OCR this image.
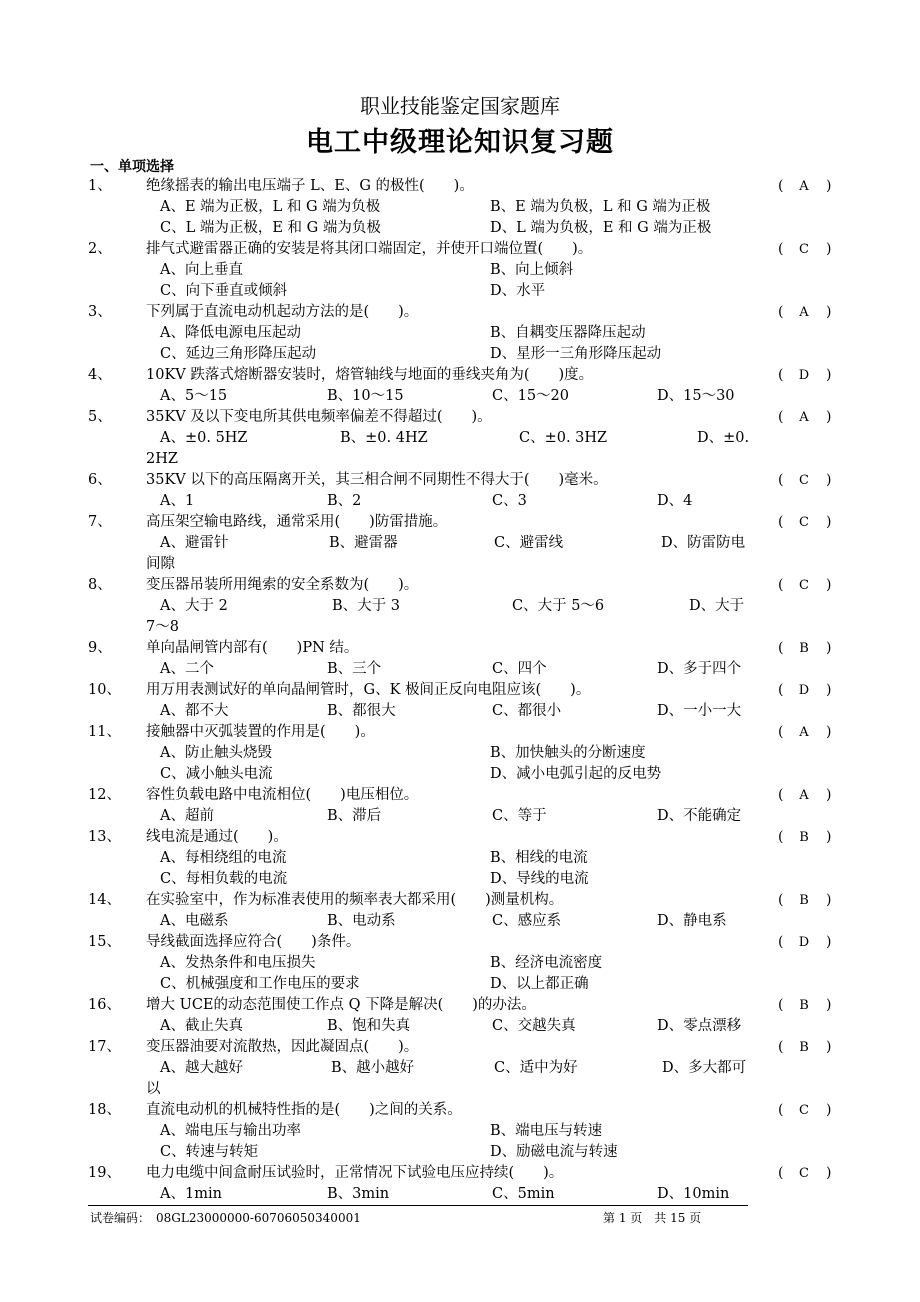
职业技能鉴定国家题库
电工中级理论知识复习题
一、单项选择
1、 绝缘摇表的输出电压端子 L、E、G 的极性(　　)。	( A )
A、E 端为正极，L 和 G 端为负极	B、E 端为负极，L 和 G 端为正极
C、L 端为正极，E 和 G 端为负极	D、L 端为负极，E 和 G 端为正极
2、 排气式避雷器正确的安装是将其闭口端固定，并使开口端位置(　　)。	( C )
A、向上垂直	B、向上倾斜
C、向下垂直或倾斜	D、水平
3、 下列属于直流电动机起动方法的是(　　)。	( A )
A、降低电源电压起动	B、自耦变压器降压起动
C、延边三角形降压起动	D、星形一三角形降压起动
4、 10KV 跌落式熔断器安装时，熔管轴线与地面的垂线夹角为(　　)度。	( D )
A、5～15	B、10～15	C、15～20	D、15～30
5、 35KV 及以下变电所其供电频率偏差不得超过(　　)。	( A )
A、±0. 5HZ	B、±0. 4HZ	C、±0. 3HZ	D、±0.
2HZ
6、 35KV 以下的高压隔离开关，其三相合闸不同期性不得大于(　　)毫米。	( C )
A、1	B、2	C、3	D、4
7、 高压架空输电路线，通常采用(　　)防雷措施。	( C )
A、避雷针	B、避雷器	C、避雷线	D、防雷防电
间隙
8、 变压器吊装所用绳索的安全系数为(　　)。	( C )
A、大于 2	B、大于 3	C、大于 5～6	D、大于
7～8
9、 单向晶闸管内部有(　　)PN 结。	( B )
A、二个	B、三个	C、四个	D、多于四个
10、 用万用表测试好的单向晶闸管时，G、K 极间正反向电阻应该(　　)。	( D )
A、都不大	B、都很大	C、都很小	D、一小一大
11、 接触器中灭弧装置的作用是(　　)。	( A )
A、防止触头烧毁	B、加快触头的分断速度
C、减小触头电流	D、减小电弧引起的反电势
12、 容性负载电路中电流相位(　　)电压相位。	( A )
A、超前	B、滞后	C、等于	D、不能确定
13、 线电流是通过(　　)。	( B )
A、每相绕组的电流	B、相线的电流
C、每相负载的电流	D、导线的电流
14、 在实验室中，作为标准表使用的频率表大都采用(　　)测量机构。	( B )
A、电磁系	B、电动系	C、感应系	D、静电系
15、 导线截面选择应符合(　　)条件。	( D )
A、发热条件和电压损失	B、经济电流密度
C、机械强度和工作电压的要求	D、以上都正确
16、 增大 UCE的动态范围使工作点 Q 下降是解决(　　)的办法。	( B )
A、截止失真	B、饱和失真	C、交越失真	D、零点漂移
17、 变压器油要对流散热，因此凝固点(　　)。	( B )
A、越大越好	B、越小越好	C、适中为好	D、多大都可
以
18、 直流电动机的机械特性指的是(　　)之间的关系。	( C )
A、端电压与输出功率	B、端电压与转速
C、转速与转矩	D、励磁电流与转速
19、 电力电缆中间盒耐压试验时，正常情况下试验电压应持续(　　)。	( C )
A、1min	B、3min	C、5min	D、10min
试卷编码：　08GL23000000-60706050340001	第 1 页　共 15 页
